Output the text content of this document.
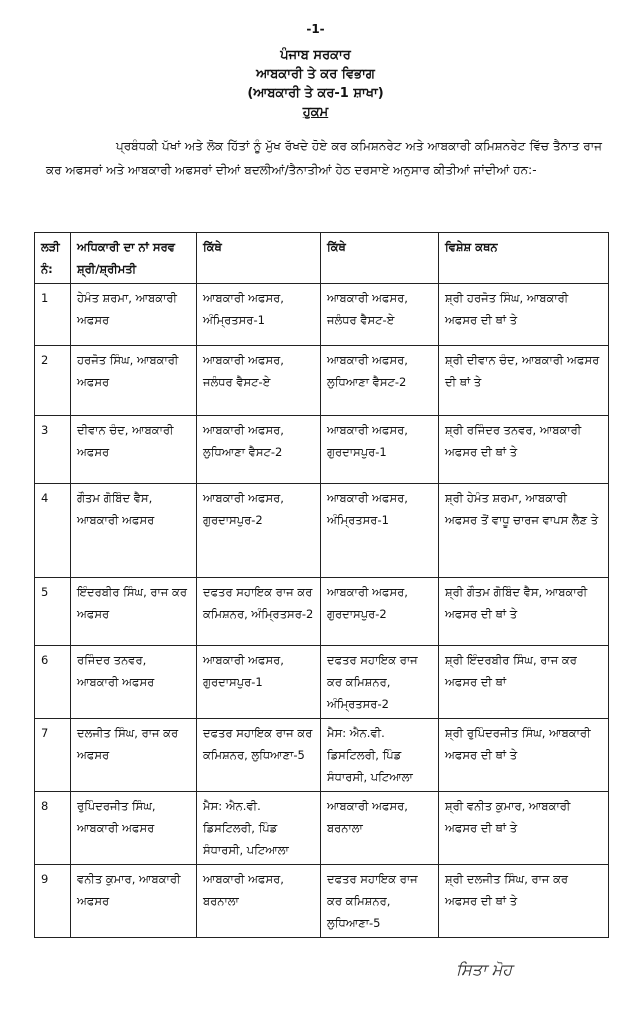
-1-
ਪੰਜਾਬ ਸਰਕਾਰ
ਆਬਕਾਰੀ ਤੇ ਕਰ ਵਿਭਾਗ
(ਆਬਕਾਰੀ ਤੇ ਕਰ-1 ਸ਼ਾਖਾ)
ਹੁਕਮ

ਪ੍ਰਬੰਧਕੀ ਪੱਖਾਂ ਅਤੇ ਲੋਕ ਹਿੱਤਾਂ ਨੂੰ ਮੁੱਖ ਰੱਖਦੇ ਹੋਏ ਕਰ ਕਮਿਸ਼ਨਰੇਟ ਅਤੇ ਆਬਕਾਰੀ ਕਮਿਸ਼ਨਰੇਟ ਵਿੱਚ ਤੈਨਾਤ ਰਾਜ ਕਰ ਅਫਸਰਾਂ ਅਤੇ ਆਬਕਾਰੀ ਅਫਸਰਾਂ ਦੀਆਂ ਬਦਲੀਆਂ/ਤੈਨਾਤੀਆਂ ਹੇਠ ਦਰਸਾਏ ਅਨੁਸਾਰ ਕੀਤੀਆਂ ਜਾਂਦੀਆਂ ਹਨ:-

ਲੜੀ ਨੰ:	ਅਧਿਕਾਰੀ ਦਾ ਨਾਂ ਸਰਵ ਸ਼੍ਰੀ/ਸ਼੍ਰੀਮਤੀ	ਕਿੱਥੇ	ਕਿੱਥੇ	ਵਿਸ਼ੇਸ਼ ਕਥਨ
1	ਹੇਮੰਤ ਸ਼ਰਮਾ, ਆਬਕਾਰੀ ਅਫਸਰ	ਆਬਕਾਰੀ ਅਫਸਰ, ਅੰਮ੍ਰਿਤਸਰ-1	ਆਬਕਾਰੀ ਅਫਸਰ, ਜਲੰਧਰ ਵੈਸਟ-ਏ	ਸ਼੍ਰੀ ਹਰਜੋਤ ਸਿੰਘ, ਆਬਕਾਰੀ ਅਫਸਰ ਦੀ ਥਾਂ ਤੇ
2	ਹਰਜੋਤ ਸਿੰਘ, ਆਬਕਾਰੀ ਅਫਸਰ	ਆਬਕਾਰੀ ਅਫਸਰ, ਜਲੰਧਰ ਵੈਸਟ-ਏ	ਆਬਕਾਰੀ ਅਫਸਰ, ਲੁਧਿਆਣਾ ਵੈਸਟ-2	ਸ਼੍ਰੀ ਦੀਵਾਨ ਚੰਦ, ਆਬਕਾਰੀ ਅਫਸਰ ਦੀ ਥਾਂ ਤੇ
3	ਦੀਵਾਨ ਚੰਦ, ਆਬਕਾਰੀ ਅਫਸਰ	ਆਬਕਾਰੀ ਅਫਸਰ, ਲੁਧਿਆਣਾ ਵੈਸਟ-2	ਆਬਕਾਰੀ ਅਫਸਰ, ਗੁਰਦਾਸਪੁਰ-1	ਸ਼੍ਰੀ ਰਜਿੰਦਰ ਤਨਵਰ, ਆਬਕਾਰੀ ਅਫਸਰ ਦੀ ਥਾਂ ਤੇ
4	ਗੌਤਮ ਗੋਬਿੰਦ ਵੈਸ, ਆਬਕਾਰੀ ਅਫਸਰ	ਆਬਕਾਰੀ ਅਫਸਰ, ਗੁਰਦਾਸਪੁਰ-2	ਆਬਕਾਰੀ ਅਫਸਰ, ਅੰਮ੍ਰਿਤਸਰ-1	ਸ਼੍ਰੀ ਹੇਮੰਤ ਸ਼ਰਮਾ, ਆਬਕਾਰੀ ਅਫਸਰ ਤੋਂ ਵਾਧੂ ਚਾਰਜ ਵਾਪਸ ਲੈਣ ਤੇ
5	ਇੰਦਰਬੀਰ ਸਿੰਘ, ਰਾਜ ਕਰ ਅਫਸਰ	ਦਫਤਰ ਸਹਾਇਕ ਰਾਜ ਕਰ ਕਮਿਸ਼ਨਰ, ਅੰਮ੍ਰਿਤਸਰ-2	ਆਬਕਾਰੀ ਅਫਸਰ, ਗੁਰਦਾਸਪੁਰ-2	ਸ਼੍ਰੀ ਗੌਤਮ ਗੋਬਿੰਦ ਵੈਸ, ਆਬਕਾਰੀ ਅਫਸਰ ਦੀ ਥਾਂ ਤੇ
6	ਰਜਿੰਦਰ ਤਨਵਰ, ਆਬਕਾਰੀ ਅਫਸਰ	ਆਬਕਾਰੀ ਅਫਸਰ, ਗੁਰਦਾਸਪੁਰ-1	ਦਫਤਰ ਸਹਾਇਕ ਰਾਜ ਕਰ ਕਮਿਸ਼ਨਰ, ਅੰਮ੍ਰਿਤਸਰ-2	ਸ਼੍ਰੀ ਇੰਦਰਬੀਰ ਸਿੰਘ, ਰਾਜ ਕਰ ਅਫਸਰ ਦੀ ਥਾਂ
7	ਦਲਜੀਤ ਸਿੰਘ, ਰਾਜ ਕਰ ਅਫਸਰ	ਦਫਤਰ ਸਹਾਇਕ ਰਾਜ ਕਰ ਕਮਿਸ਼ਨਰ, ਲੁਧਿਆਣਾ-5	ਮੈਸ: ਐਨ.ਵੀ. ਡਿਸਟਿਲਰੀ, ਪਿੰਡ ਸੰਧਾਰਸੀ, ਪਟਿਆਲਾ	ਸ਼੍ਰੀ ਰੁਪਿੰਦਰਜੀਤ ਸਿੰਘ, ਆਬਕਾਰੀ ਅਫਸਰ ਦੀ ਥਾਂ ਤੇ
8	ਰੁਪਿੰਦਰਜੀਤ ਸਿੰਘ, ਆਬਕਾਰੀ ਅਫਸਰ	ਮੈਸ: ਐਨ.ਵੀ. ਡਿਸਟਿਲਰੀ, ਪਿੰਡ ਸੰਧਾਰਸੀ, ਪਟਿਆਲਾ	ਆਬਕਾਰੀ ਅਫਸਰ, ਬਰਨਾਲਾ	ਸ਼੍ਰੀ ਵਨੀਤ ਕੁਮਾਰ, ਆਬਕਾਰੀ ਅਫਸਰ ਦੀ ਥਾਂ ਤੇ
9	ਵਨੀਤ ਕੁਮਾਰ, ਆਬਕਾਰੀ ਅਫਸਰ	ਆਬਕਾਰੀ ਅਫਸਰ, ਬਰਨਾਲਾ	ਦਫਤਰ ਸਹਾਇਕ ਰਾਜ ਕਰ ਕਮਿਸ਼ਨਰ, ਲੁਧਿਆਣਾ-5	ਸ਼੍ਰੀ ਦਲਜੀਤ ਸਿੰਘ, ਰਾਜ ਕਰ ਅਫਸਰ ਦੀ ਥਾਂ ਤੇ
ਸਿਤਾ ਮੋਹ
